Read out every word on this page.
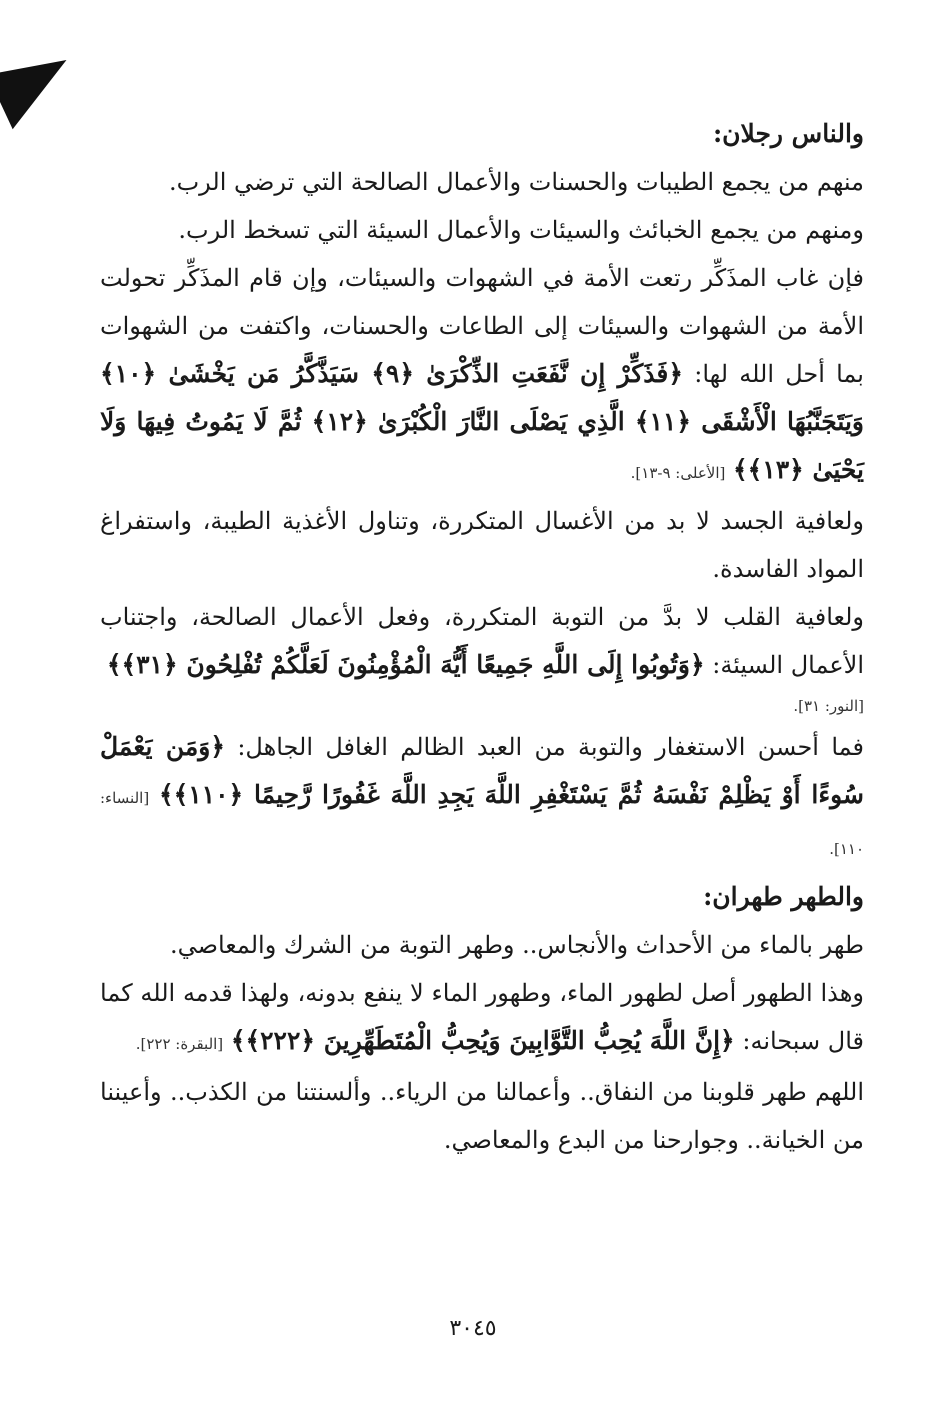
والناس رجلان:

منهم من يجمع الطيبات والحسنات والأعمال الصالحة التي ترضي الرب.

ومنهم من يجمع الخبائث والسيئات والأعمال السيئة التي تسخط الرب.

فإن غاب المذَكِّر رتعت الأمة في الشهوات والسيئات، وإن قام المذَكِّر تحولت الأمة من الشهوات والسيئات إلى الطاعات والحسنات، واكتفت من الشهوات بما أحل الله لها: ﴿فَذَكِّرْ إِن نَّفَعَتِ الذِّكْرَىٰ ﴿٩﴾ سَيَذَّكَّرُ مَن يَخْشَىٰ ﴿١٠﴾ وَيَتَجَنَّبُهَا الْأَشْقَى ﴿١١﴾ الَّذِي يَصْلَى النَّارَ الْكُبْرَىٰ ﴿١٢﴾ ثُمَّ لَا يَمُوتُ فِيهَا وَلَا يَحْيَىٰ ﴿١٣﴾﴾ [الأعلى: ٩-١٣].

ولعافية الجسد لا بد من الأغسال المتكررة، وتناول الأغذية الطيبة، واستفراغ المواد الفاسدة.

ولعافية القلب لا بدَّ من التوبة المتكررة، وفعل الأعمال الصالحة، واجتناب الأعمال السيئة: ﴿وَتُوبُوا إِلَى اللَّهِ جَمِيعًا أَيُّهَ الْمُؤْمِنُونَ لَعَلَّكُمْ تُفْلِحُونَ ﴿٣١﴾﴾

[النور: ٣١].

فما أحسن الاستغفار والتوبة من العبد الظالم الغافل الجاهل: ﴿وَمَن يَعْمَلْ سُوءًا أَوْ يَظْلِمْ نَفْسَهُ ثُمَّ يَسْتَغْفِرِ اللَّهَ يَجِدِ اللَّهَ غَفُورًا رَّحِيمًا ﴿١١٠﴾﴾ [النساء: ١١٠].

والطهر طهران:

طهر بالماء من الأحداث والأنجاس.. وطهر التوبة من الشرك والمعاصي.

وهذا الطهور أصل لطهور الماء، وطهور الماء لا ينفع بدونه، ولهذا قدمه الله كما قال سبحانه: ﴿إِنَّ اللَّهَ يُحِبُّ التَّوَّابِينَ وَيُحِبُّ الْمُتَطَهِّرِينَ ﴿٢٢٢﴾﴾ [البقرة: ٢٢٢].

اللهم طهر قلوبنا من النفاق.. وأعمالنا من الرياء.. وألسنتنا من الكذب.. وأعيننا من الخيانة.. وجوارحنا من البدع والمعاصي.

٣٠٤٥
